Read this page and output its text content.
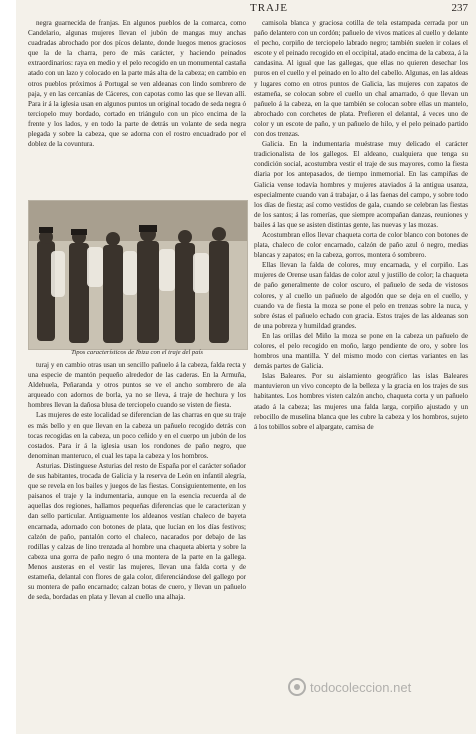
TRAJE	237

negra guarnecida de franjas. En algunos pueblos de la comarca, como Candelario, algunas mujeres llevan el jubón de mangas muy anchas cuadradas abrochado por dos pícos delante, donde luegos menos graciosos que la de la charra, pero de más carácter, y haciendo peinados extraordinarios: raya en medio y el pelo recogido en un monumental castaña atado con un lazo y colocado en la parte más alta de la cabeza; en cambio en otros pueblos próximos á Portugal se ven aldeanas con lindo sombrero de paja, y en las cercanías de Cáceres, con capotas como las que se llevan allí. Para ir á la iglesia usan en algunos puntos un original tocado de seda negra ó terciopelo muy bordado, cortado en triángulo con un pico encima de la frente y los lados, y en todo la parte de detrás un volante de seda negra plegada y sobre la cabeza, que se adorna con el rostro encuadrado por el doblez de la covuntura.

Tipos característicos de Ibiza con el traje del país

turaj y en cambio otras usan un sencillo pañuelo á la cabeza, falda recta y una especie de mantón pequeño alrededor de las caderas. En la Armuña, Aldehuela, Peñaranda y otros puntos se ve el ancho sombrero de ala arqueado con adornos de borla, ya no se lleva, á traje de hechura y los hombres llevan la dañosa blusa de terciopelo cuando se visten de fiesta.

Las mujeres de este localidad se diferencian de las charras en que su traje es más bello y en que llevan en la cabeza un pañuelo recogido detrás con tocas recogidas en la cabeza, un poco ceñido y en el cuerpo un jubón de los costados. Para ir á la iglesia usan los rondones de paño negro, que denominan manteruco, el cual les tapa la cabeza y los hombros.

Asturias. Distinguese Asturias del resto de España por el carácter soñador de sus habitantes, trocada de Galicia y la reserva de León en infantil alegría, que se revela en los bailes y juegos de las fiestas. Consiguientemente, en los paisanos el traje y la indumentaria, aunque en la esencia recuerda al de aquellas dos regiones, hallamos pequeñas diferencias que le caracterizan y dan sello particular. Antiguamente los aldeanos vestían chaleco de bayeta encarnada, adornado con botones de plata, que lucían en los días festivos; calzón de paño, pantalón corto el chaleco, nacarados por debajo de las rodillas y calzas de lino trenzada al hombre una chaqueta abierta y sobre la cabeza una gorra de paño negro ó una montera de la parte en la gallega. Menos austeras en el vestir las mujeres, llevan una falda corta y de estameña, delantal con flores de gala color, diferenciándose del gallego por su montera de paño encarnado; calzan botas de cuero, y llevan un pañuelo de seda, bordadas en plata y llevan al cuello una alhaja.

camisola blanca y graciosa cotilla de tela estampada cerrada por un paño delantero con un cordón; pañuelo de vivos matices al cuello y delante el pecho, corpiño de terciopelo labrado negro; también suelen ir colaes el escote y el peinado recogido en el occipital, atado encima de la cabeza, á la candasina. Al igual que las gallegas, que ellas no quieren desechar los puros en el cuello y el peinado en lo alto del cabello. Algunas, en las aldeas y lugares como en otros puntos de Galicia, las mujeres con zapatos de estameña, se colocan sobre el cuello un chal amarrado, ó que llevan un pañuelo á la cabeza, en la que también se colocan sobre ellas un mantelo, abrochado con corchetes de plata. Prefieren el delantal, á veces uno de color y un escote de paño, y un pañuelo de hilo, y el pelo peinado partido con dos trenzas.

Galicia. En la indumentaria muéstrase muy delicado el carácter tradicionalista de los gallegos. El aldeano, cualquiera que tenga su condición social, acostumbra vestir el traje de sus mayores, como la fiesta diaria por los antepasados, de tiempo inmemorial. En las campiñas de Galicia vense todavía hombres y mujeres ataviados á la antigua usanza, especialmente cuando van á trabajar, o á las faenas del campo, y sobre todo los días de fiesta; así como vestidos de gala, cuando se celebran las fiestas de los santos; á las romerías, que siempre acompañan danzas, reuniones y bailes á las que se asisten distintas gente, las nuevas y las mozas.

Acostumbran ellos llevar chaqueta corta de color blanco con botones de plata, chaleco de color encarnado, calzón de paño azul ó negro, medias blancas y zapatos; en la cabeza, gorros, montera ó sombrero.

Ellas llevan la falda de colores, muy encarnada, y el corpiño. Las mujeres de Orense usan faldas de color azul y justillo de color; la chaqueta de paño generalmente de color oscuro, el pañuelo de seda de vistosos colores, y al cuello un pañuelo de algodón que se deja en el cuello, y cuando va de fiesta la moza se pone el pelo en trenzas sobre la nuca, y sobre éstas el pañuelo echado con gracia. Estos trajes de las aldeanas son de una pobreza y humildad grandes.

En las orillas del Miño la moza se pone en la cabeza un pañuelo de colores, el pelo recogido en moño, largo pendiente de oro, y sobre los hombros una mantilla. Y del mismo modo con ciertas variantes en las demás partes de Galicia.

Islas Baleares. Por su aislamiento geográfico las islas Baleares mantuvieron un vivo concepto de la belleza y la gracia en los trajes de sus habitantes. Los hombres visten calzón ancho, chaqueta corta y un pañuelo atado á la cabeza; las mujeres una falda larga, corpiño ajustado y un rebocillo de muselina blanca que les cubre la cabeza y los hombros, sujeto á los tobillos sobre el alpargate, camisa de

todocoleccion.net
